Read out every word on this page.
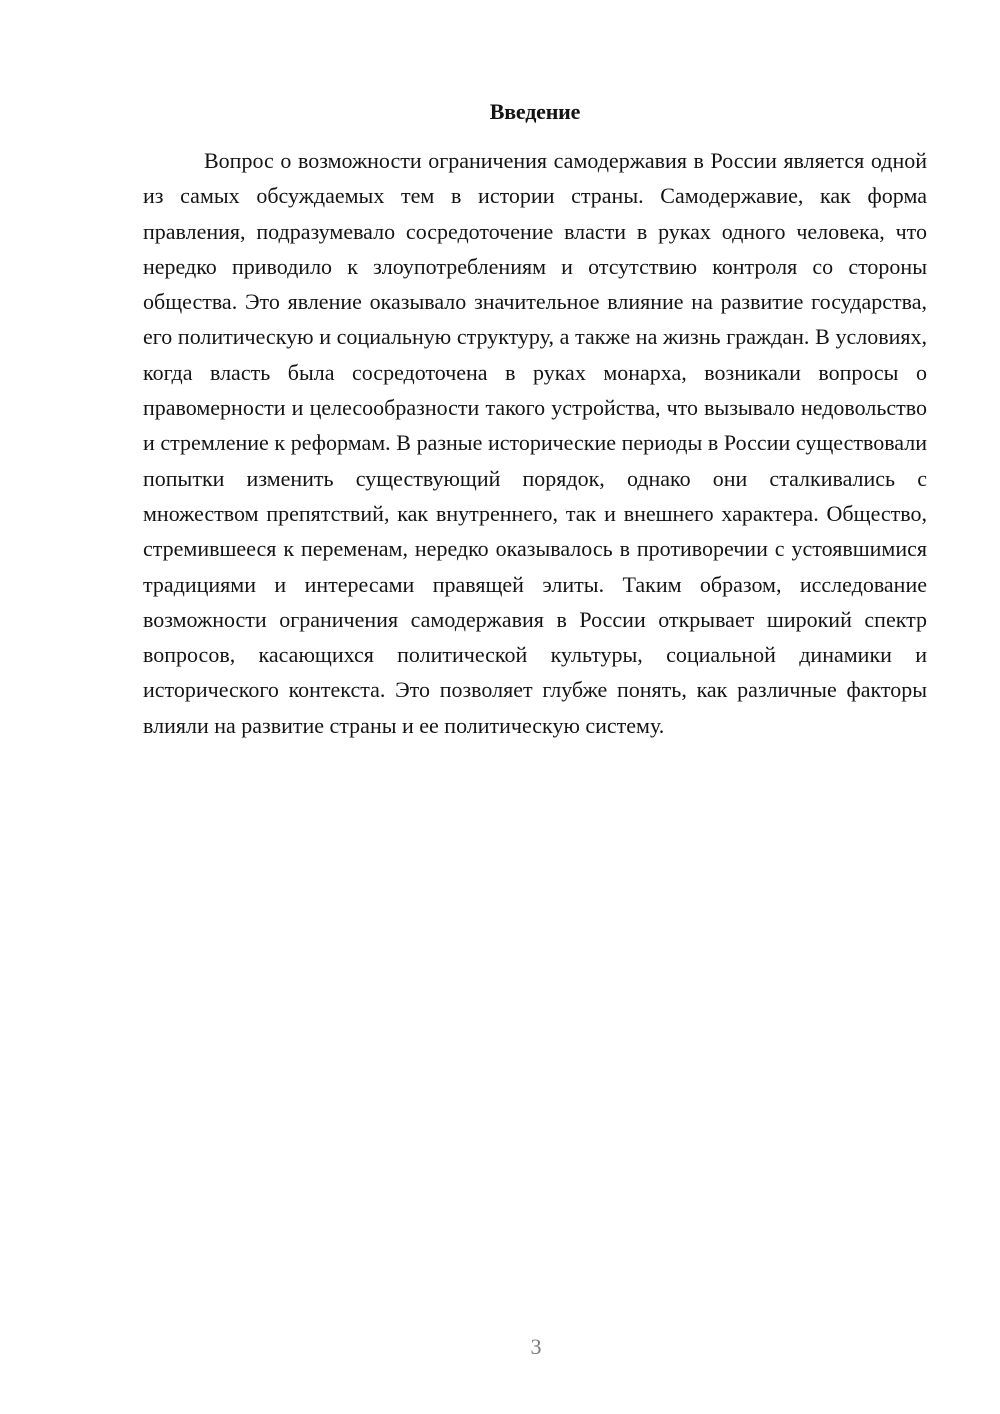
Введение

Вопрос о возможности ограничения самодержавия в России является одной из самых обсуждаемых тем в истории страны. Самодержавие, как форма правления, подразумевало сосредоточение власти в руках одного человека, что нередко приводило к злоупотреблениям и отсутствию контроля со стороны общества. Это явление оказывало значительное влияние на развитие государства, его политическую и социальную структуру, а также на жизнь граждан. В условиях, когда власть была сосредоточена в руках монарха, возникали вопросы о правомерности и целесообразности такого устройства, что вызывало недовольство и стремление к реформам. В разные исторические периоды в России существовали попытки изменить существующий порядок, однако они сталкивались с множеством препятствий, как внутреннего, так и внешнего характера. Общество, стремившееся к переменам, нередко оказывалось в противоречии с устоявшимися традициями и интересами правящей элиты. Таким образом, исследование возможности ограничения самодержавия в России открывает широкий спектр вопросов, касающихся политической культуры, социальной динамики и исторического контекста. Это позволяет глубже понять, как различные факторы влияли на развитие страны и ее политическую систему.

3
